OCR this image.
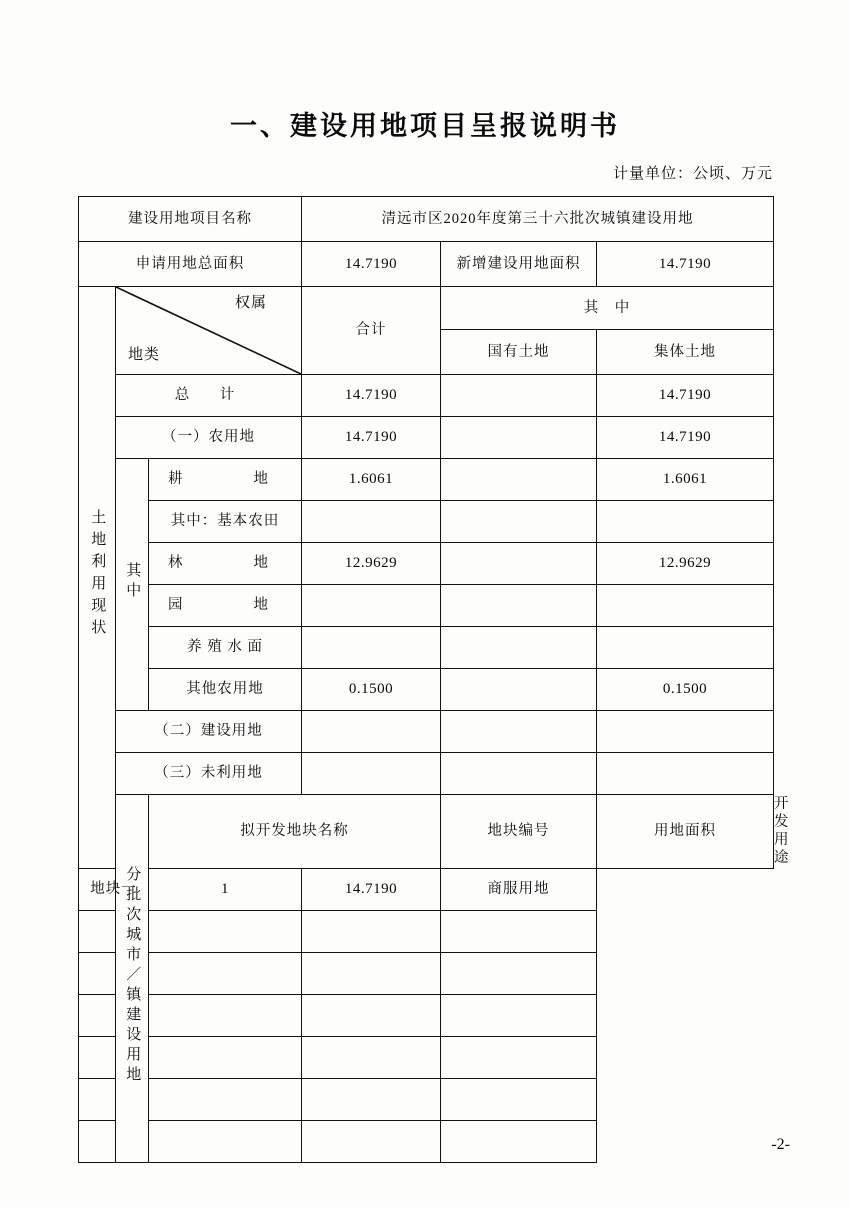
一、建设用地项目呈报说明书
计量单位：公顷、万元
建设用地项目名称			清远市区2020年度第三十六批次城镇建设用地			
申请用地总面积			14.7190	新增建设用地面积	14.7190	
土地利用现状	权属
地类		合计	其　中		
				国有土地	集体土地	
	总　计		14.7190		14.7190	
	（一）农用地		14.7190		14.7190	
	其中	耕　　地	1.6061		1.6061	
		其中：基本农田				
		林　　地	12.9629		12.9629	
		园　　地				
		养 殖 水 面				
		其他农用地	0.1500		0.1500	
	（二）建设用地					
	（三）未利用地					
	分批次城市／镇建设用地	拟开发地块名称		地块编号	用地面积	开发用途
地块一		1	14.7190	商服用地		

-2-
